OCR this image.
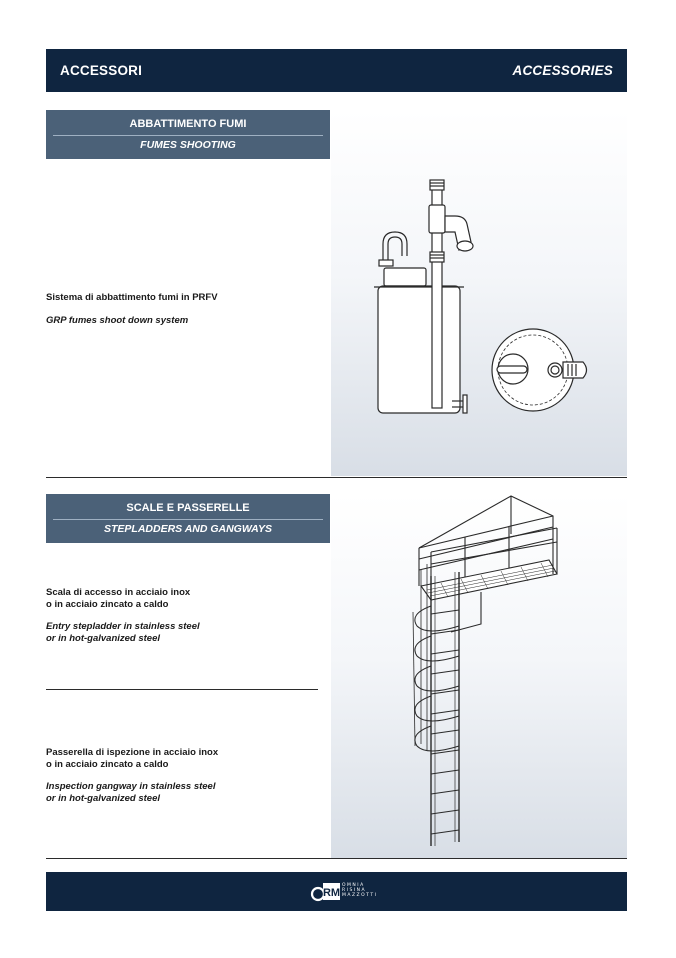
ACCESSORI	ACCESSORIES
ABBATTIMENTO FUMI
FUMES SHOOTING
Sistema di abbattimento fumi in PRFV
GRP fumes shoot down system
SCALE E PASSERELLE
STEPLADDERS AND GANGWAYS
Scala di accesso in acciaio inox
o in acciaio zincato a caldo
Entry stepladder in stainless steel
or in hot-galvanized steel
Passerella di ispezione in acciaio inox
o in acciaio zincato a caldo
Inspection gangway in stainless steel
or in hot-galvanized steel
RM
OMNIA
RISINA
MAZZOTTI
